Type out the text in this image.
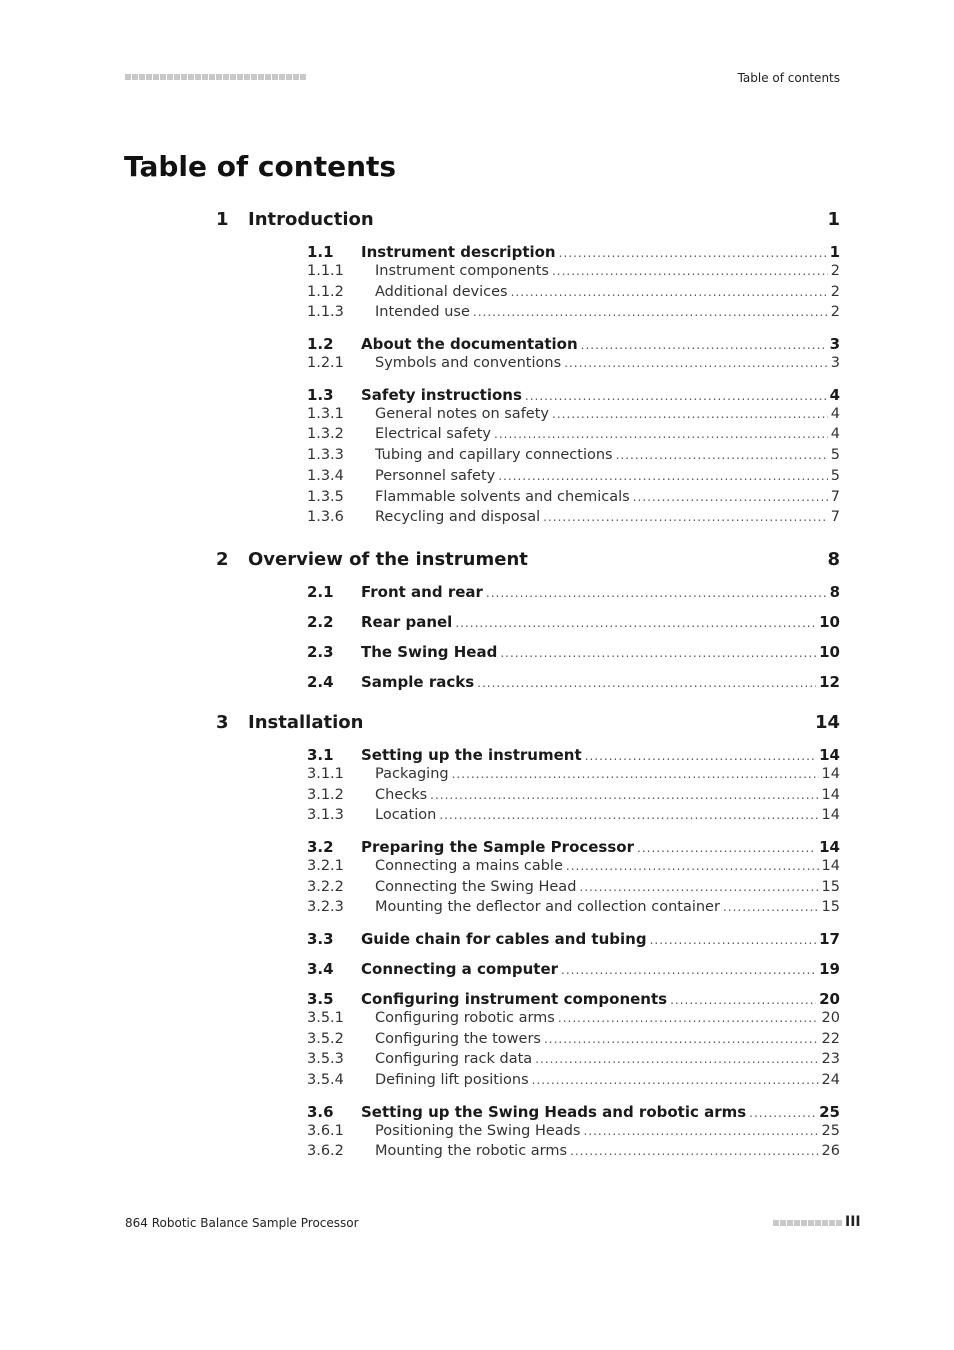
Table of contents
Table of contents
1 Introduction	1
1.1 Instrument description .....	1
1.1.1 Instrument components .....	2
1.1.2 Additional devices .....	2
1.1.3 Intended use .....	2
1.2 About the documentation .....	3
1.2.1 Symbols and conventions .....	3
1.3 Safety instructions .....	4
1.3.1 General notes on safety .....	4
1.3.2 Electrical safety .....	4
1.3.3 Tubing and capillary connections .....	5
1.3.4 Personnel safety .....	5
1.3.5 Flammable solvents and chemicals .....	7
1.3.6 Recycling and disposal .....	7
2 Overview of the instrument	8
2.1 Front and rear .....	8
2.2 Rear panel .....	10
2.3 The Swing Head .....	10
2.4 Sample racks .....	12
3 Installation	14
3.1 Setting up the instrument .....	14
3.1.1 Packaging .....	14
3.1.2 Checks .....	14
3.1.3 Location .....	14
3.2 Preparing the Sample Processor .....	14
3.2.1 Connecting a mains cable .....	14
3.2.2 Connecting the Swing Head .....	15
3.2.3 Mounting the deflector and collection container .....	15
3.3 Guide chain for cables and tubing .....	17
3.4 Connecting a computer .....	19
3.5 Configuring instrument components .....	20
3.5.1 Configuring robotic arms .....	20
3.5.2 Configuring the towers .....	22
3.5.3 Configuring rack data .....	23
3.5.4 Defining lift positions .....	24
3.6 Setting up the Swing Heads and robotic arms .....	25
3.6.1 Positioning the Swing Heads .....	25
3.6.2 Mounting the robotic arms .....	26
864 Robotic Balance Sample Processor	III
